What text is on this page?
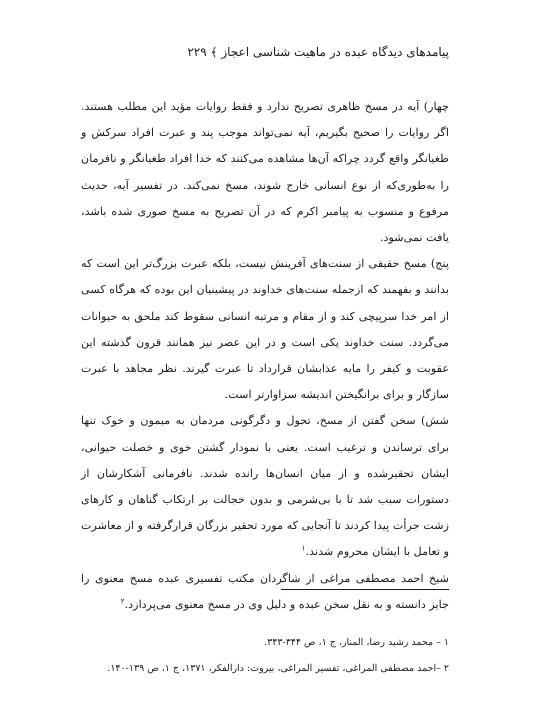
پیامدهای دیدگاه عبده در ماهیت شناسی اعجاز ﴾ ۲۲۹

چهار) آیه در مسخ ظاهری تصریح ندارد و فقط روایات مؤید این مطلب هستند. اگر روایات را صحیح بگیریم، آیه نمی‌تواند موجب پند و عبرت افراد سرکش و طغیانگر واقع گردد چراکه آن‌ها مشاهده می‌کنند که خدا افراد طغیانگر و نافرمان را به‌طوری‌که از نوع انسانی خارج شوند، مسخ نمی‌کند. در تفسیر آیه، حدیث مرفوع و منسوب به پیامبر اکرم که در آن تصریح به مسخ صوری شده باشد، یافت نمی‌شود.

پنج) مسخ حقیقی از سنت‌های آفرینش نیست، بلکه عبرت بزرگ‌تر این است که بدانند و بفهمند که ازجمله سنت‌های خداوند در پیشینیان این بوده که هرگاه کسی از امر خدا سرپیچی کند و از مقام و مرتبه انسانی سقوط کند ملحق به حیوانات می‌گردد. سنت خداوند یکی است و در این عصر نیز همانند قرون گذشته این عقوبت و کیفر را مایه عذابشان قرارداد تا عبرت گیرند. نظر مجاهد با عبرت سازگار و برای برانگیختن اندیشه سزاوارتر است.

شش) سخن گفتن از مسخ، تحول و دگرگونی مردمان به میمون و خوک تنها برای ترساندن و ترغیب است. یعنی با نمودار گشتن خوی و خصلت حیوانی، ایشان تحقیرشده و از میان انسان‌ها رانده شدند. نافرمانی آشکارشان از دستورات سبب شد تا با بی‌شرمی و بدون خجالت بر ارتکاب گناهان و کارهای زشت جرأت پیدا کردند تا آنجایی که مورد تحقیر بزرگان قرارگرفته و از معاشرت و تعامل با ایشان محروم شدند.$^۱$

شیخ احمد مصطفی مراغی از شاگردان مکتب تفسیری عبده مسخ معنوی را جایز دانسته و به نقل سخن عبده و دلیل وی در مسخ معنوی می‌پردازد.$^۲$

۱ – محمد رشید رضا، المنار، ج ۱، ص ۳۴۴-۳۴۳.
۲ –احمد مصطفی المراغی، تفسیر المراغی، بیروت: دارالفکر، ۱۳۷۱، ج ۱، ص ۱۳۹-۱۴۰.
